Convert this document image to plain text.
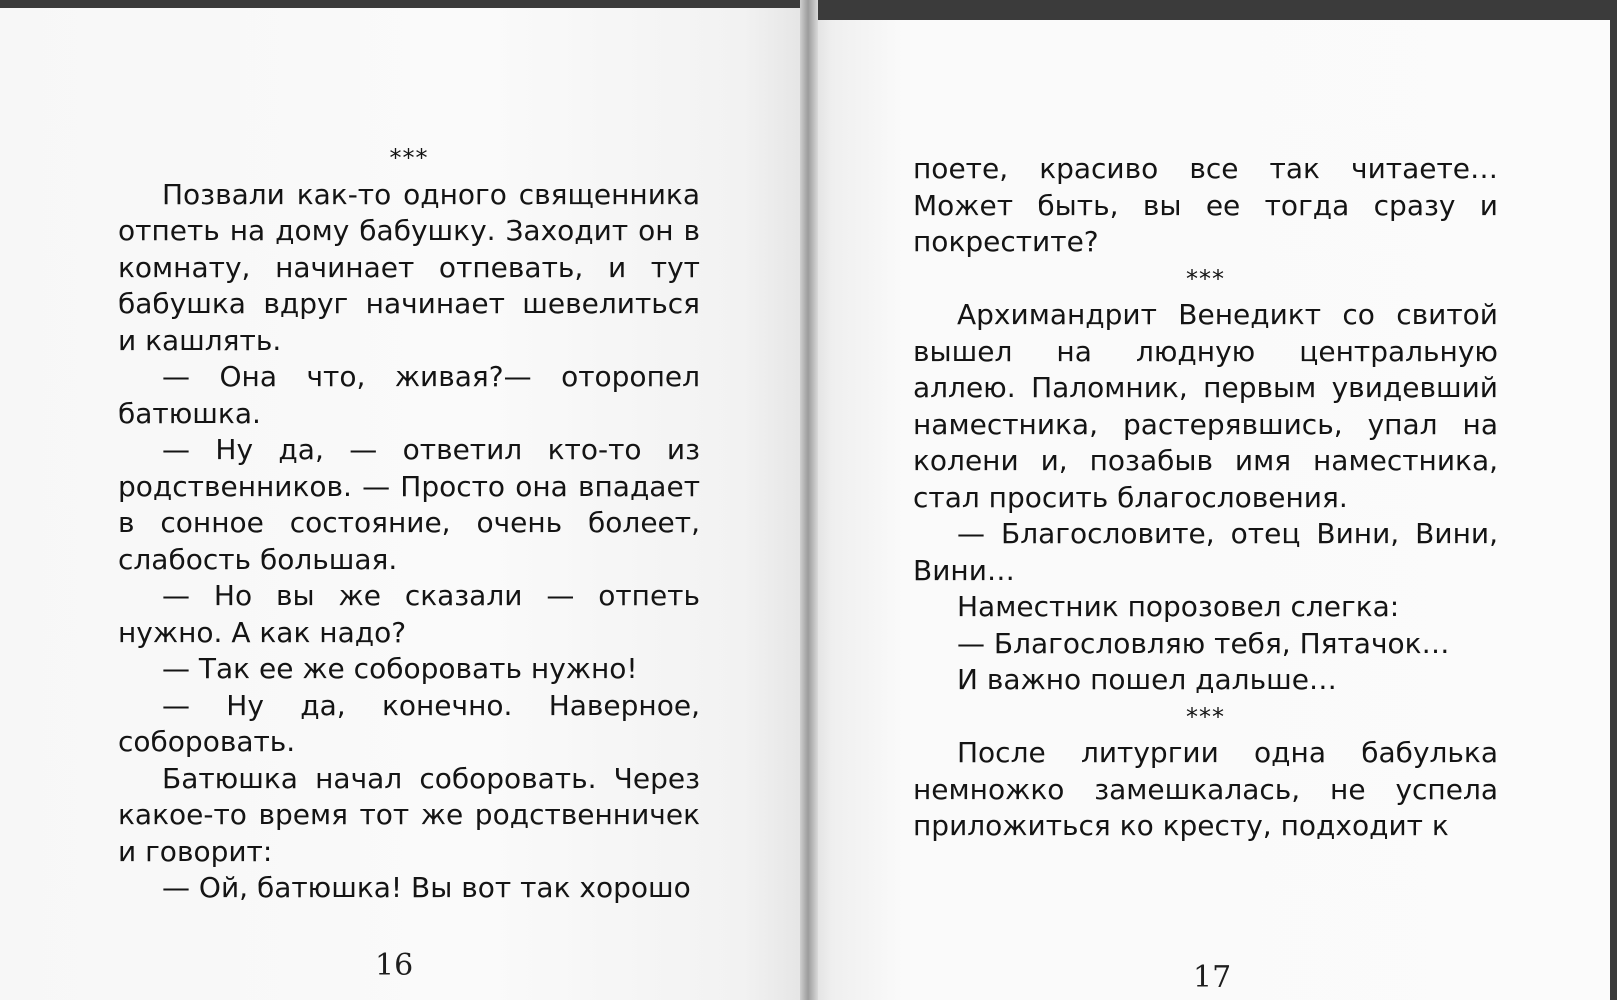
***

Позвали как-то одного священника отпеть на дому бабушку. Заходит он в комнату, начинает отпевать, и тут бабушка вдруг начинает шевелиться и кашлять.

— Она что, живая?— оторопел батюшка.

— Ну да, — ответил кто-то из родственников. — Просто она впадает в сонное состояние, очень болеет, слабость большая.

— Но вы же сказали — отпеть нужно. А как надо?

— Так ее же соборовать нужно!

— Ну да, конечно. Наверное, соборовать.

Батюшка начал соборовать. Через какое-то время тот же родственничек и говорит:

— Ой, батюшка! Вы вот так хорошо

16

поете, красиво все так читаете… Может быть, вы ее тогда сразу и покрестите?

***

Архимандрит Венедикт со свитой вышел на людную центральную аллею. Паломник, первым увидевший наместника, растерявшись, упал на колени и, позабыв имя наместника, стал просить благословения.

— Благословите, отец Вини, Вини, Вини…

Наместник порозовел слегка:

— Благословляю тебя, Пятачок…

И важно пошел дальше…

***

После литургии одна бабулька немножко замешкалась, не успела приложиться ко кресту, подходит к

17
